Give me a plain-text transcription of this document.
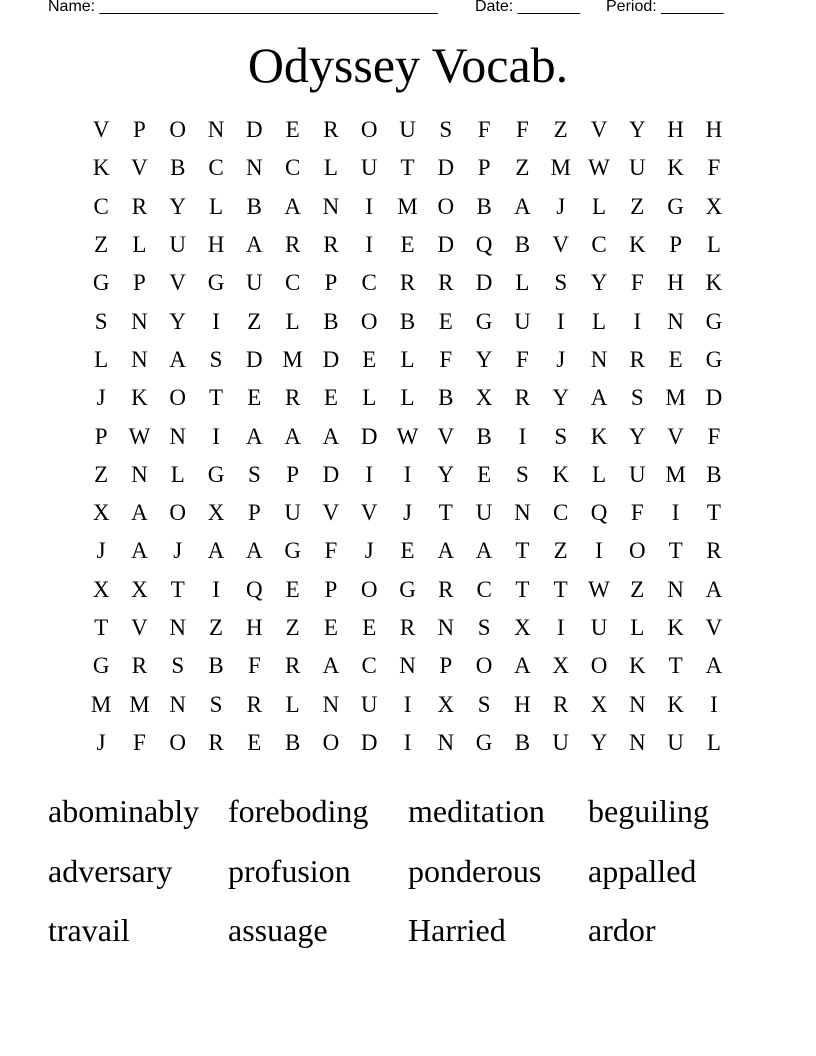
Name: ______________________________________ Date: _______ Period: _______
Odyssey Vocab.
V	P	O N D E	R O U	S	F	F	Z V Y H H
K V B C N C	L U T D	P	Z M W U K	F
C R Y L	B A N	I	M O B A	J	L	Z G X
Z	L U H A R R	I	E D Q B V C K	P	L
G	P	V G U C	P	C R R D L	S	Y	F	H K
S	N Y	I	Z	L	B O B	E G U	I	L	I	N G
L N A	S	D M D E	L	F	Y	F	J	N R	E G
J	K O T	E	R	E	L	L	B X R Y A	S M D
P W N	I	A A A D W V B	I	S	K Y V	F
Z N L G	S	P	D	I	I	Y E	S	K L U M B
X A O X	P	U V V	J	T U N C Q	F	I	T
J	A	J	A A G	F	J	E A A T	Z	I	O T	R
X X T	I	Q E	P	O G R C	T	T W Z N A
T V N Z H Z	E	E	R N	S	X	I	U L K V
G R	S	B	F	R A C N	P	O A X O K T A
M M N	S	R	L N U	I	X	S	H R X N K	I
J	F	O R	E	B O D	I	N G B U Y N U L
abominably foreboding	meditation	beguiling
adversary	profusion	ponderous	appalled
travail	assuage	Harried	ardor
